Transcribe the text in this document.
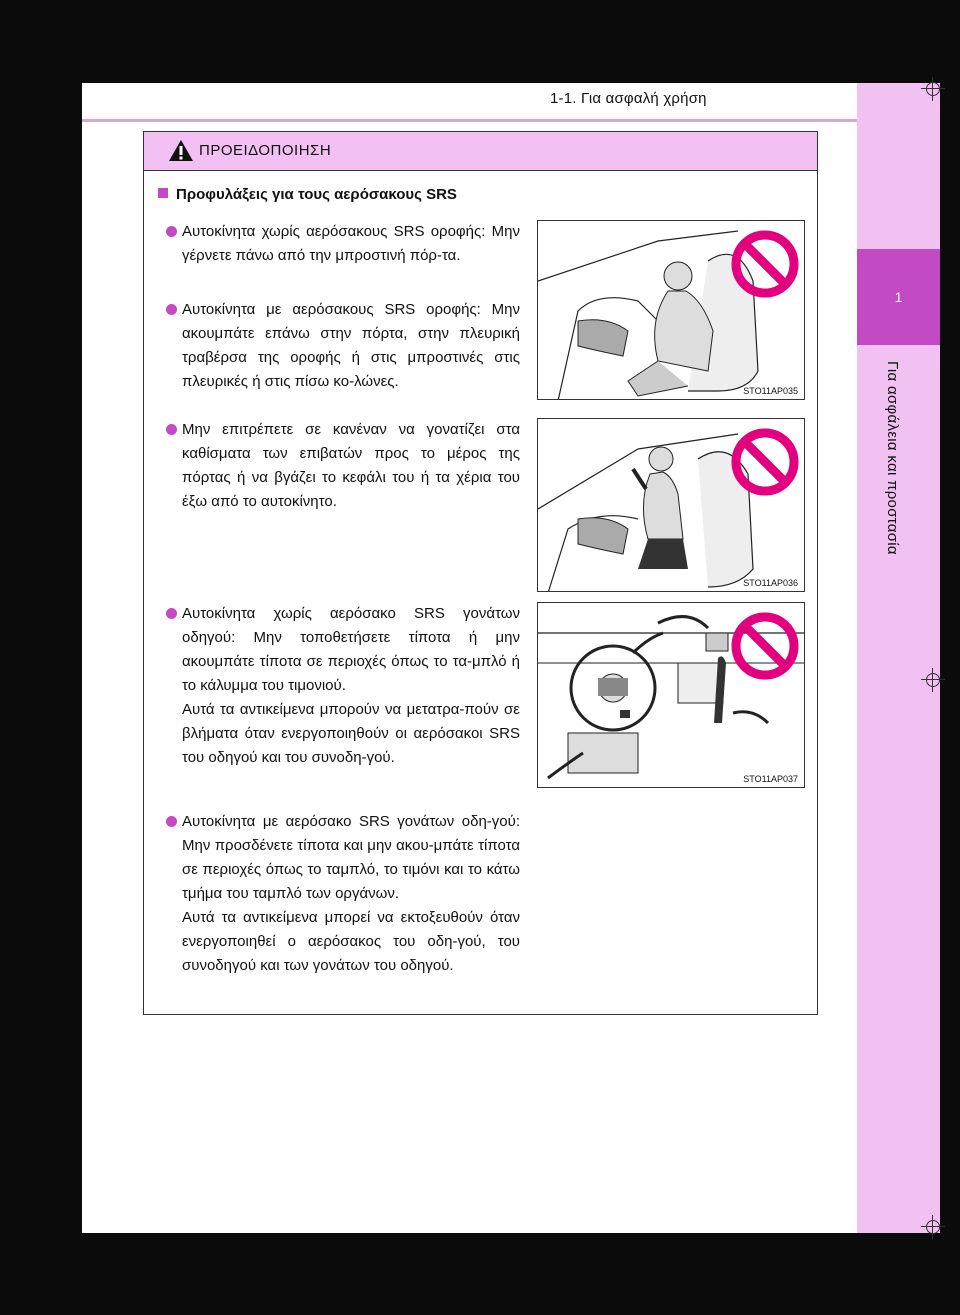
1-1. Για ασφαλή χρήση
1
Για ασφάλεια και προστασία
ΠΡΟΕΙΔΟΠΟΙΗΣΗ
Προφυλάξεις για τους αερόσακους SRS
Αυτοκίνητα χωρίς αερόσακους SRS οροφής: Μην γέρνετε πάνω από την μπροστινή πόρ-τα.
Αυτοκίνητα με αερόσακους SRS οροφής: Μην ακουμπάτε επάνω στην πόρτα, στην πλευρική τραβέρσα της οροφής ή στις μπροστινές στις πλευρικές ή στις πίσω κο-λώνες.
Μην επιτρέπετε σε κανέναν να γονατίζει στα καθίσματα των επιβατών προς το μέρος της πόρτας ή να βγάζει το κεφάλι του ή τα χέρια του έξω από το αυτοκίνητο.
Αυτοκίνητα χωρίς αερόσακο SRS γονάτων οδηγού: Μην τοποθετήσετε τίποτα ή μην ακουμπάτε τίποτα σε περιοχές όπως το τα-μπλό ή το κάλυμμα του τιμονιού.
Αυτά τα αντικείμενα μπορούν να μετατρα-πούν σε βλήματα όταν ενεργοποιηθούν οι αερόσακοι SRS του οδηγού και του συνοδη-γού.
Αυτοκίνητα με αερόσακο SRS γονάτων οδη-γού: Μην προσδένετε τίποτα και μην ακου-μπάτε τίποτα σε περιοχές όπως το ταμπλό, το τιμόνι και το κάτω τμήμα του ταμπλό των οργάνων.
Αυτά τα αντικείμενα μπορεί να εκτοξευθούν όταν ενεργοποιηθεί ο αερόσακος του οδη-γού, του συνοδηγού και των γονάτων του οδηγού.
STO11AP035
STO11AP036
STO11AP037
